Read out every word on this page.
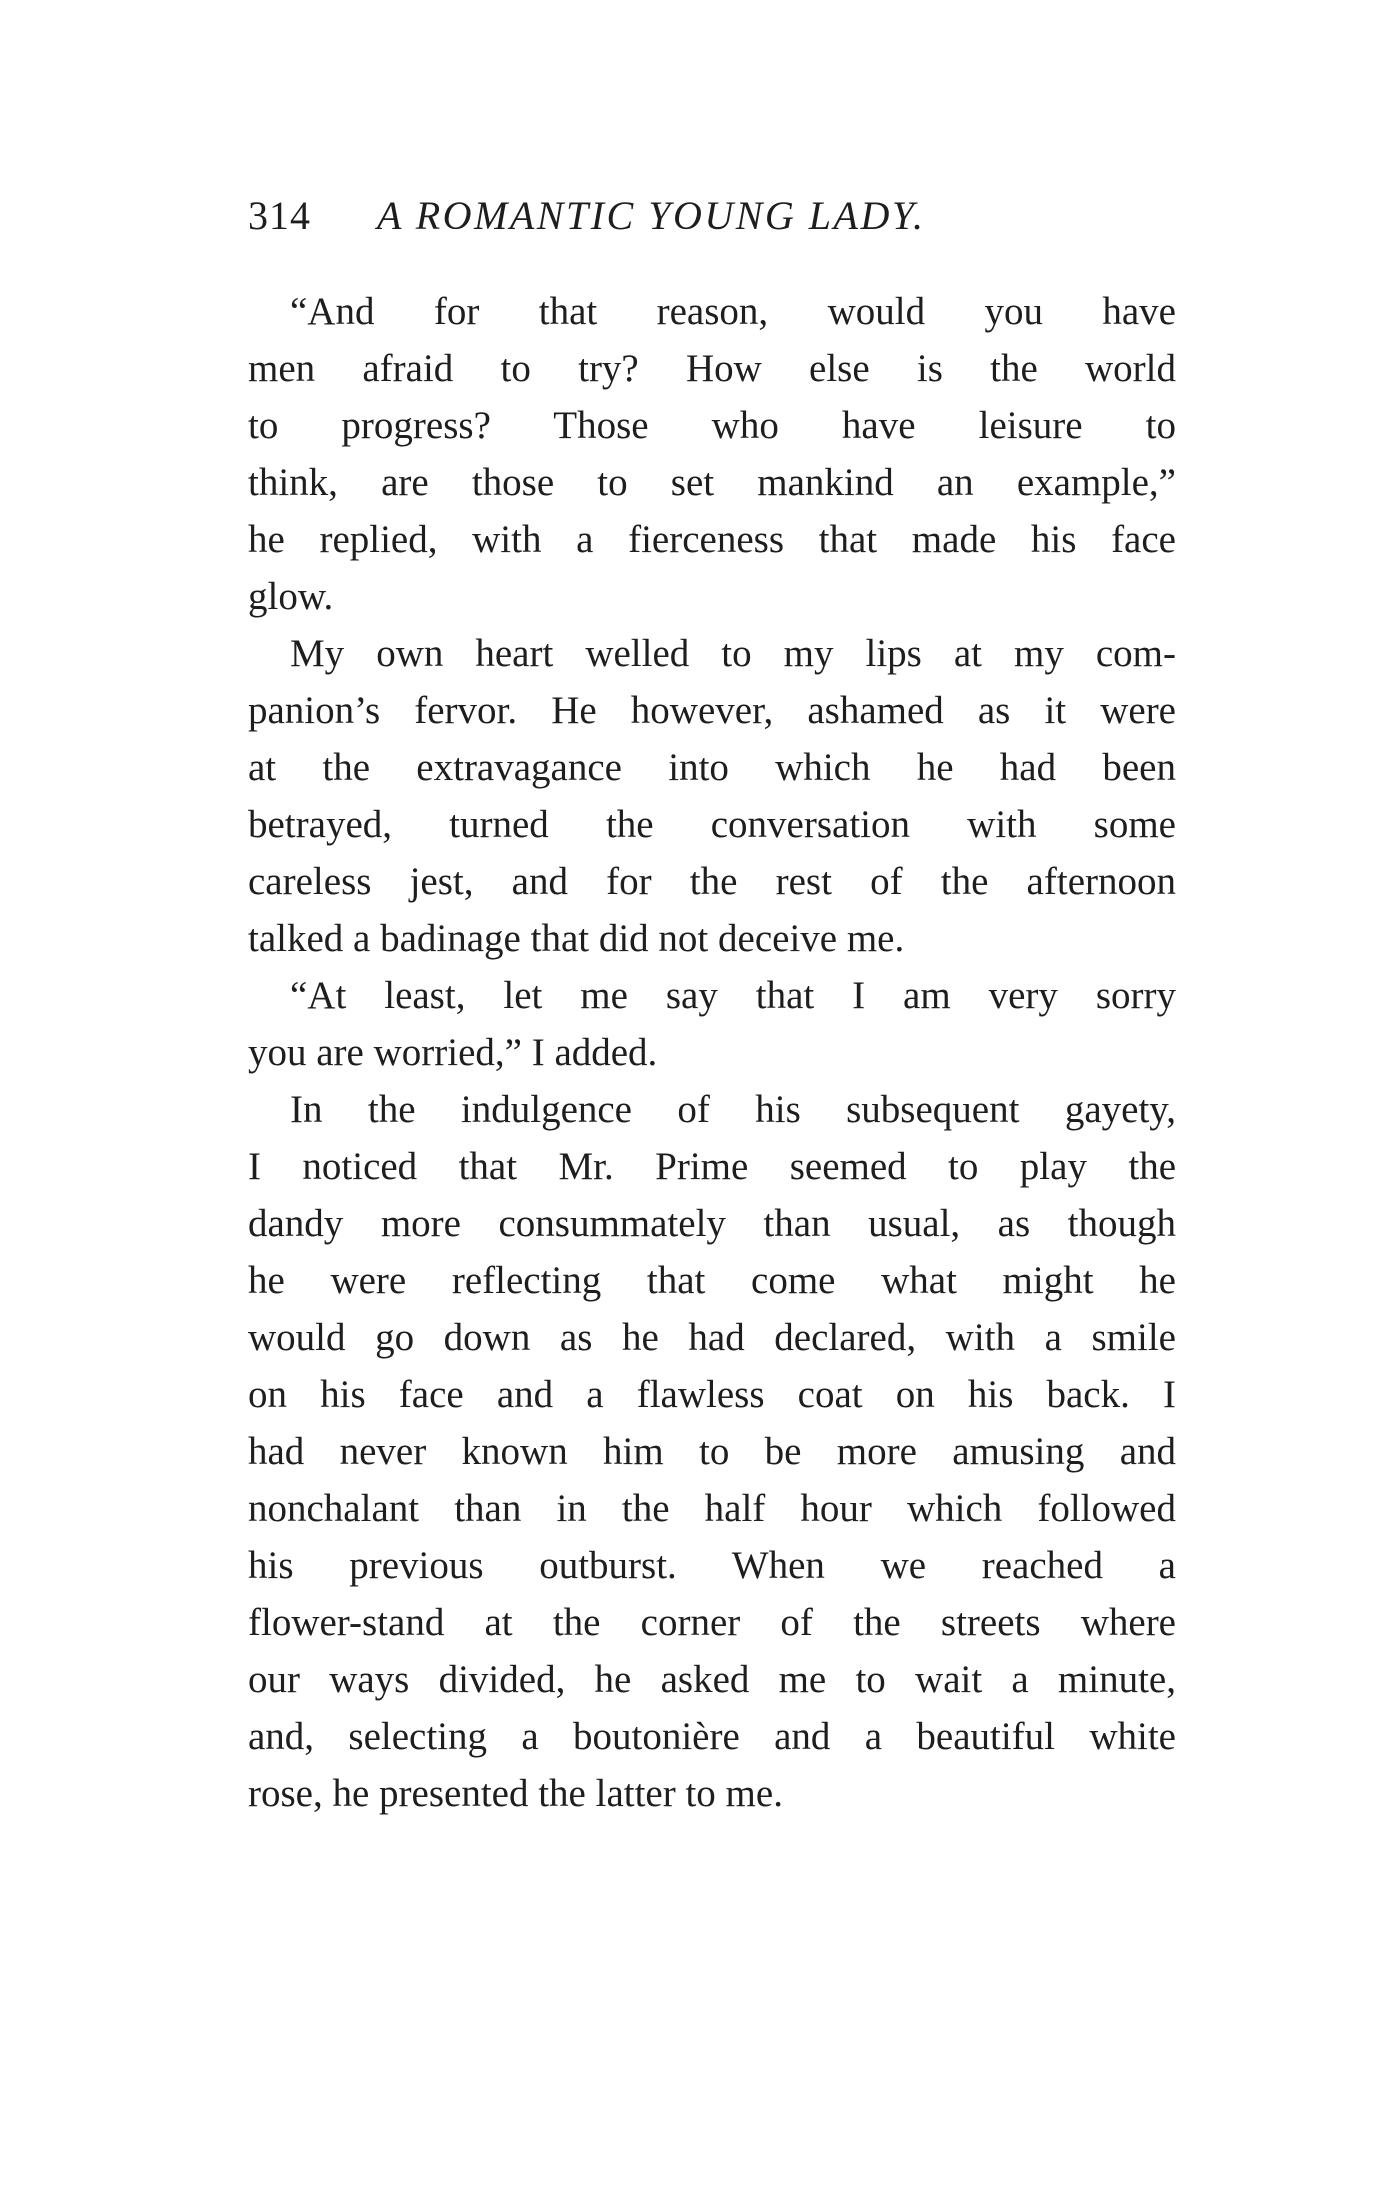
314 A ROMANTIC YOUNG LADY.
“And for that reason, would you have
men afraid to try? How else is the world
to progress? Those who have leisure to
think, are those to set mankind an example,”
he replied, with a fierceness that made his face
glow.
My own heart welled to my lips at my com-
panion’s fervor. He however, ashamed as it were
at the extravagance into which he had been
betrayed, turned the conversation with some
careless jest, and for the rest of the afternoon
talked a badinage that did not deceive me.
“At least, let me say that I am very sorry
you are worried,” I added.
In the indulgence of his subsequent gayety,
I noticed that Mr. Prime seemed to play the
dandy more consummately than usual, as though
he were reflecting that come what might he
would go down as he had declared, with a smile
on his face and a flawless coat on his back. I
had never known him to be more amusing and
nonchalant than in the half hour which followed
his previous outburst. When we reached a
flower-stand at the corner of the streets where
our ways divided, he asked me to wait a minute,
and, selecting a boutonière and a beautiful white
rose, he presented the latter to me.
